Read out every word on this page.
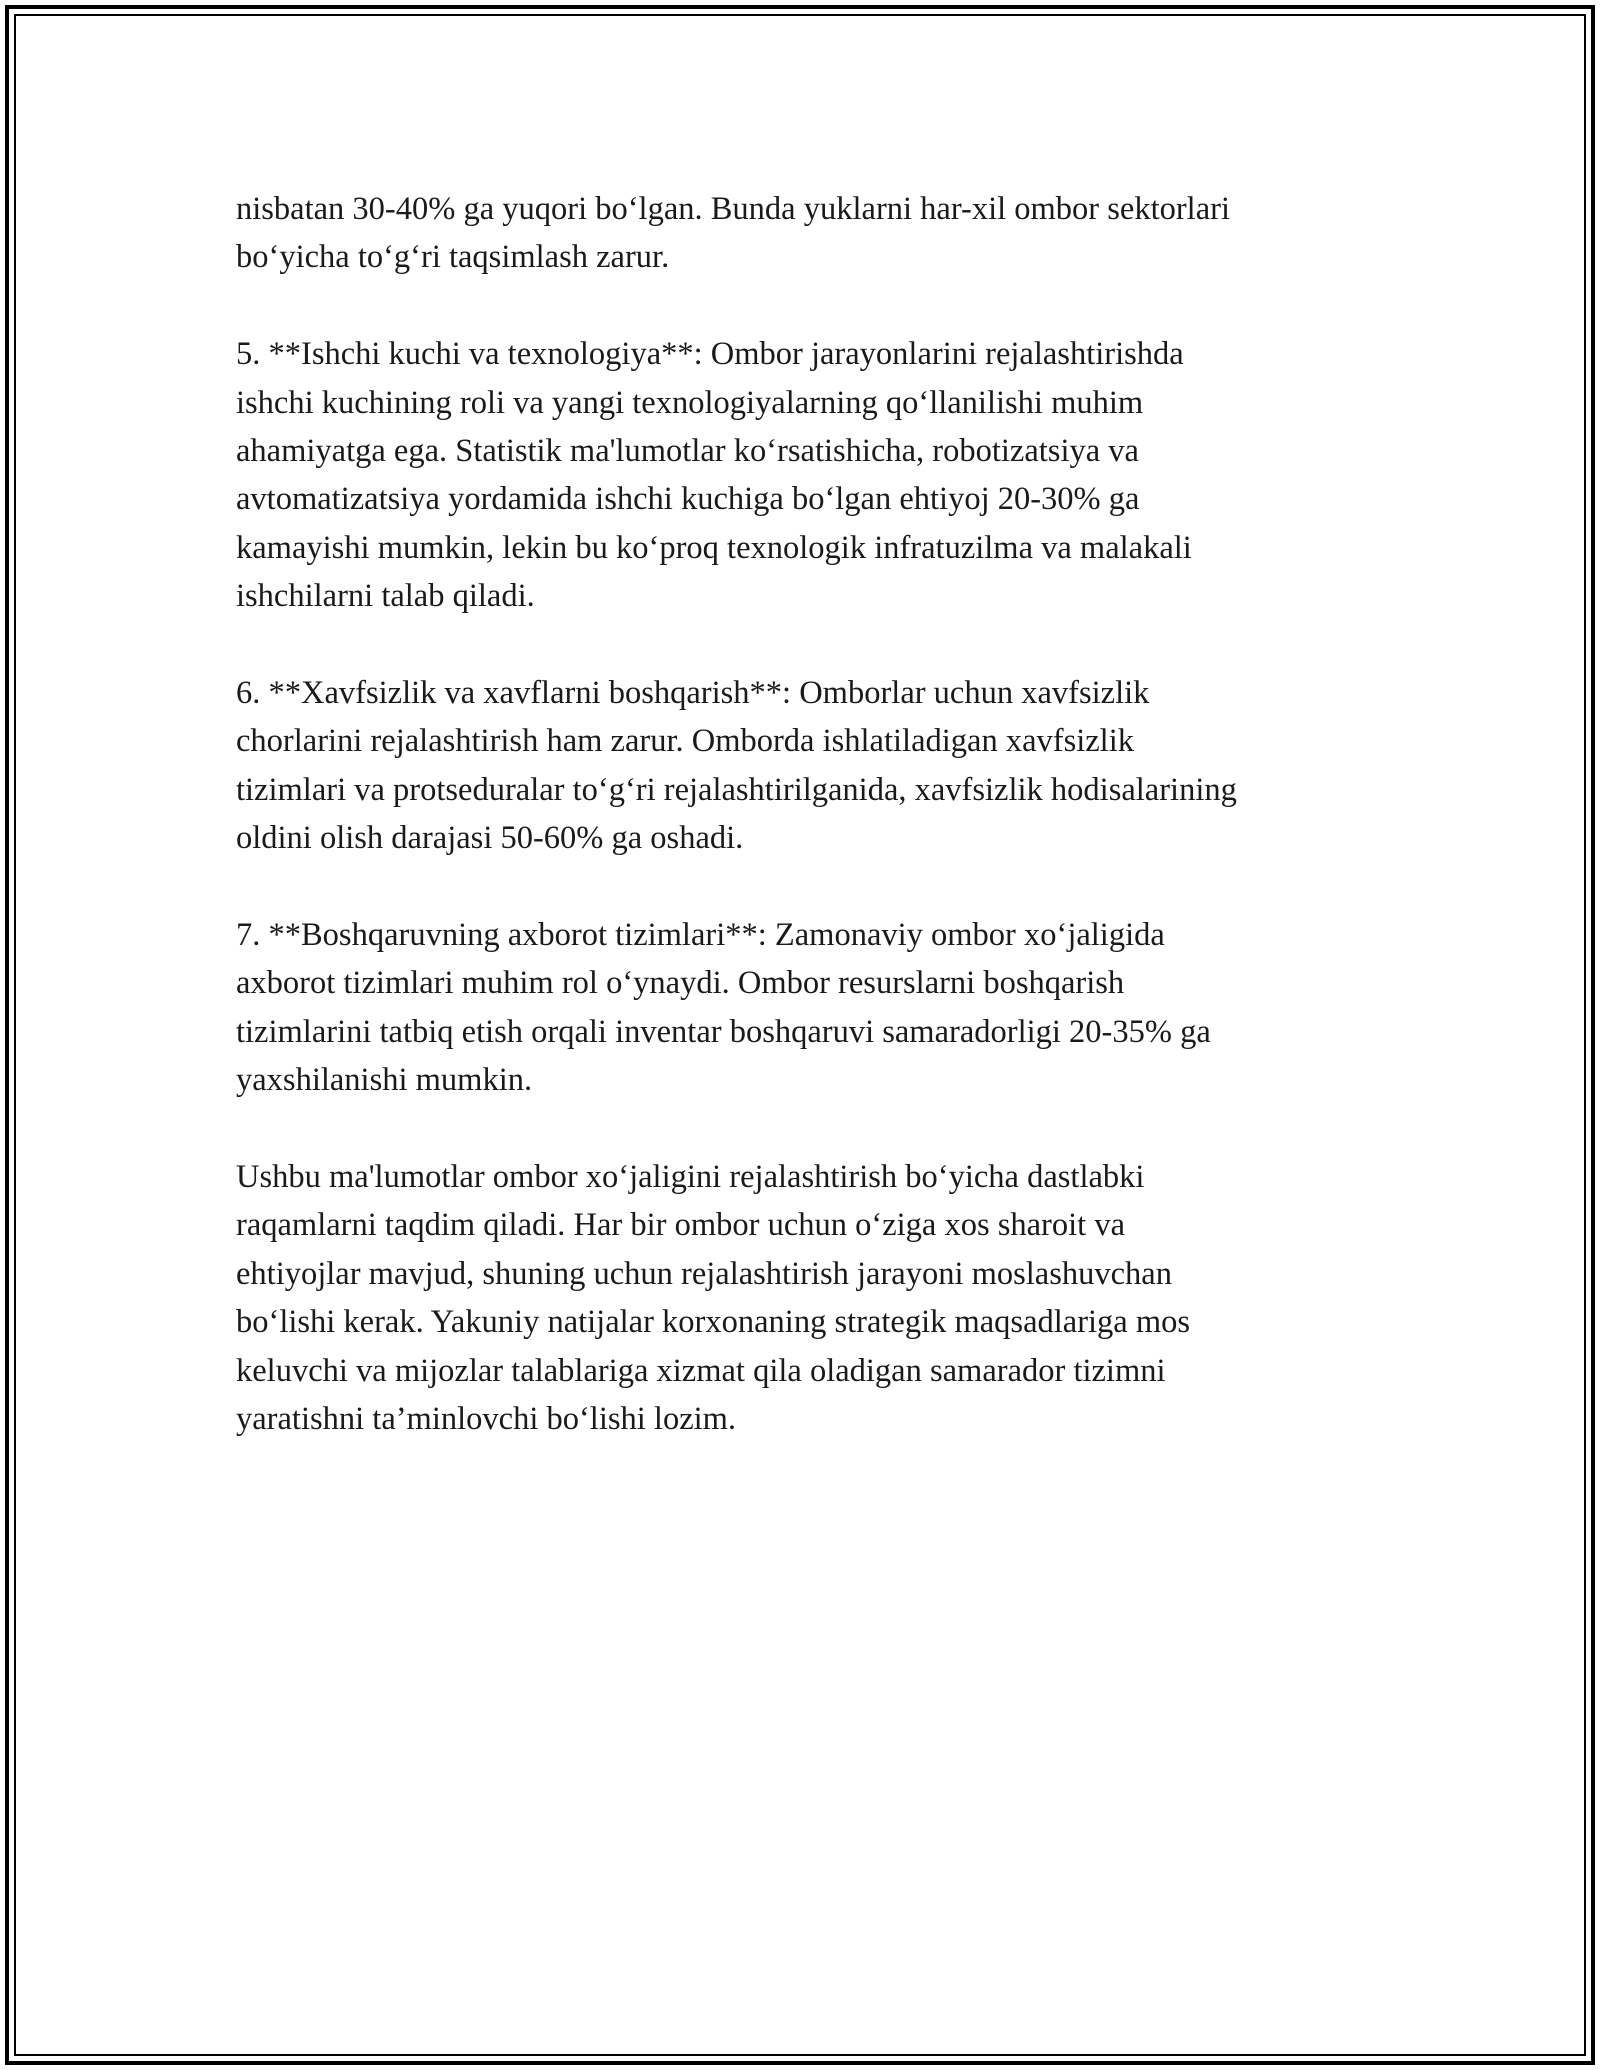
nisbatan 30-40% ga yuqori bo‘lgan. Bunda yuklarni har-xil ombor sektorlari
bo‘yicha to‘g‘ri taqsimlash zarur.

5. **Ishchi kuchi va texnologiya**: Ombor jarayonlarini rejalashtirishda
ishchi kuchining roli va yangi texnologiyalarning qo‘llanilishi muhim
ahamiyatga ega. Statistik ma'lumotlar ko‘rsatishicha, robotizatsiya va
avtomatizatsiya yordamida ishchi kuchiga bo‘lgan ehtiyoj 20-30% ga
kamayishi mumkin, lekin bu ko‘proq texnologik infratuzilma va malakali
ishchilarni talab qiladi.

6. **Xavfsizlik va xavflarni boshqarish**: Omborlar uchun xavfsizlik
chorlarini rejalashtirish ham zarur. Omborda ishlatiladigan xavfsizlik
tizimlari va protseduralar to‘g‘ri rejalashtirilganida, xavfsizlik hodisalarining
oldini olish darajasi 50-60% ga oshadi.

7. **Boshqaruvning axborot tizimlari**: Zamonaviy ombor xo‘jaligida
axborot tizimlari muhim rol o‘ynaydi. Ombor resurslarni boshqarish
tizimlarini tatbiq etish orqali inventar boshqaruvi samaradorligi 20-35% ga
yaxshilanishi mumkin.

Ushbu ma'lumotlar ombor xo‘jaligini rejalashtirish bo‘yicha dastlabki
raqamlarni taqdim qiladi. Har bir ombor uchun o‘ziga xos sharoit va
ehtiyojlar mavjud, shuning uchun rejalashtirish jarayoni moslashuvchan
bo‘lishi kerak. Yakuniy natijalar korxonaning strategik maqsadlariga mos
keluvchi va mijozlar talablariga xizmat qila oladigan samarador tizimni
yaratishni ta’minlovchi bo‘lishi lozim.
